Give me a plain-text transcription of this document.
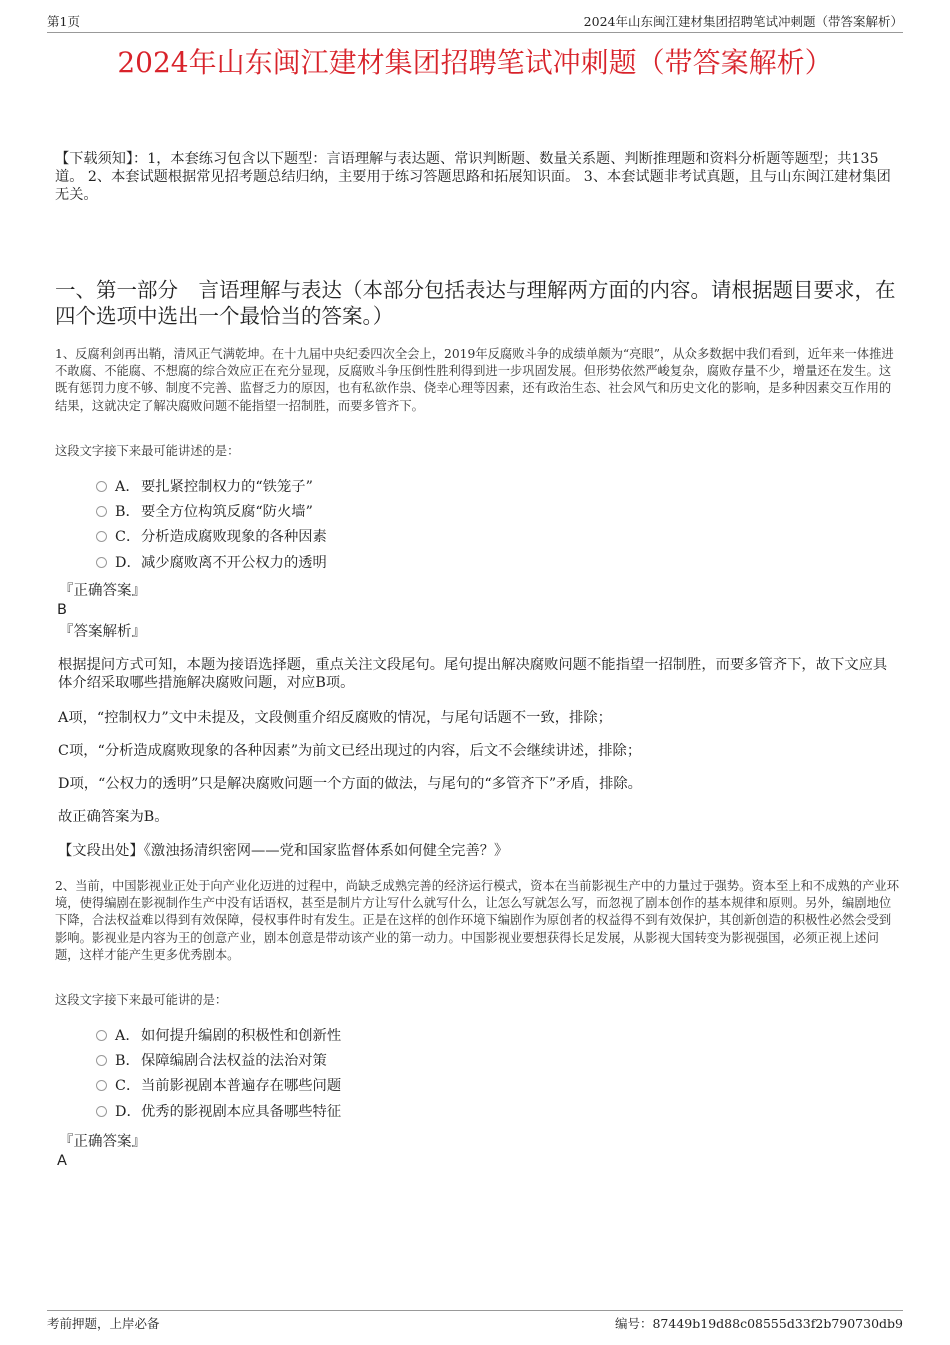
第1页	2024年山东闽江建材集团招聘笔试冲刺题（带答案解析）
2024年山东闽江建材集团招聘笔试冲刺题（带答案解析）
【下载须知】：1，本套练习包含以下题型：言语理解与表达题、常识判断题、数量关系题、判断推理题和资料分析题等题型；共135道。 2、本套试题根据常见招考题总结归纳，主要用于练习答题思路和拓展知识面。 3、本套试题非考试真题，且与山东闽江建材集团无关。
一、第一部分　言语理解与表达（本部分包括表达与理解两方面的内容。请根据题目要求，在四个选项中选出一个最恰当的答案。）
1、反腐利剑再出鞘，清风正气满乾坤。在十九届中央纪委四次全会上，2019年反腐败斗争的成绩单颇为“亮眼”，从众多数据中我们看到，近年来一体推进不敢腐、不能腐、不想腐的综合效应正在充分显现，反腐败斗争压倒性胜利得到进一步巩固发展。但形势依然严峻复杂，腐败存量不少，增量还在发生。这既有惩罚力度不够、制度不完善、监督乏力的原因，也有私欲作祟、侥幸心理等因素，还有政治生态、社会风气和历史文化的影响，是多种因素交互作用的结果，这就决定了解决腐败问题不能指望一招制胜，而要多管齐下。
这段文字接下来最可能讲述的是：
A．要扎紧控制权力的“铁笼子”
B．要全方位构筑反腐“防火墙”
C．分析造成腐败现象的各种因素
D．减少腐败离不开公权力的透明
『正确答案』
B
『答案解析』
根据提问方式可知，本题为接语选择题，重点关注文段尾句。尾句提出解决腐败问题不能指望一招制胜，而要多管齐下，故下文应具体介绍采取哪些措施解决腐败问题，对应B项。
A项，“控制权力”文中未提及，文段侧重介绍反腐败的情况，与尾句话题不一致，排除；
C项，“分析造成腐败现象的各种因素”为前文已经出现过的内容，后文不会继续讲述，排除；
D项，“公权力的透明”只是解决腐败问题一个方面的做法，与尾句的“多管齐下”矛盾，排除。
故正确答案为B。
【文段出处】《激浊扬清织密网——党和国家监督体系如何健全完善？》
2、当前，中国影视业正处于向产业化迈进的过程中，尚缺乏成熟完善的经济运行模式，资本在当前影视生产中的力量过于强势。资本至上和不成熟的产业环境，使得编剧在影视制作生产中没有话语权，甚至是制片方让写什么就写什么，让怎么写就怎么写，而忽视了剧本创作的基本规律和原则。另外，编剧地位下降，合法权益难以得到有效保障，侵权事件时有发生。正是在这样的创作环境下编剧作为原创者的权益得不到有效保护，其创新创造的积极性必然会受到影响。影视业是内容为王的创意产业，剧本创意是带动该产业的第一动力。中国影视业要想获得长足发展，从影视大国转变为影视强国，必须正视上述问题，这样才能产生更多优秀剧本。
这段文字接下来最可能讲的是：
A．如何提升编剧的积极性和创新性
B．保障编剧合法权益的法治对策
C．当前影视剧本普遍存在哪些问题
D．优秀的影视剧本应具备哪些特征
『正确答案』
A
考前押题，上岸必备	编号：87449b19d88c08555d33f2b790730db9
